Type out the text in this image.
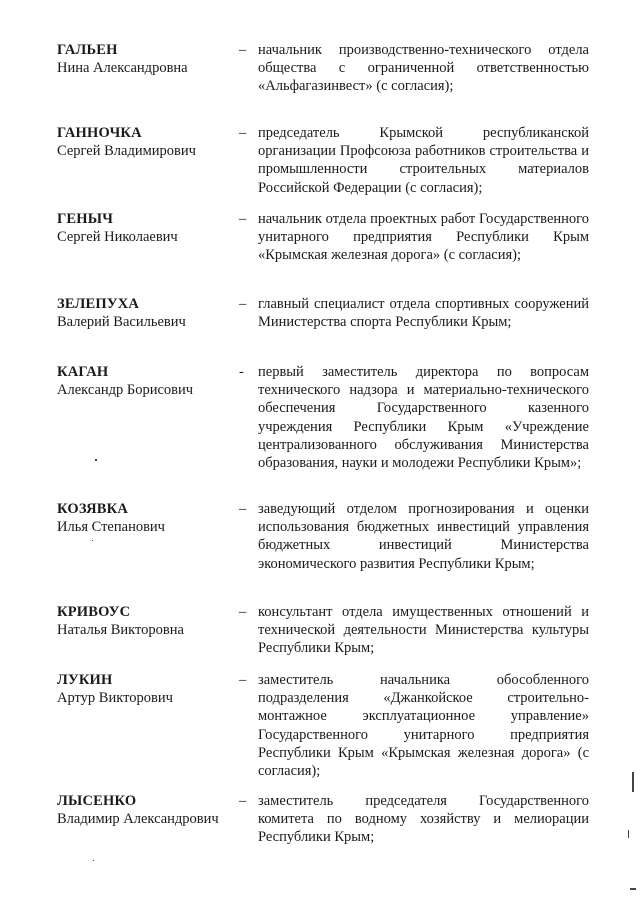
ГАЛЬЕН
Нина Александровна
– начальник производственно-технического отдела общества с ограниченной ответственностью «Альфагазинвест» (с согласия);
ГАННОЧКА
Сергей Владимирович
– председатель Крымской республиканской организации Профсоюза работников строительства и промышленности строительных материалов Российской Федерации (с согласия);
ГЕНЫЧ
Сергей Николаевич
– начальник отдела проектных работ Государственного унитарного предприятия Республики Крым «Крымская железная дорога» (с согласия);
ЗЕЛЕПУХА
Валерий Васильевич
– главный специалист отдела спортивных сооружений Министерства спорта Республики Крым;
КАГАН
Александр Борисович
- первый заместитель директора по вопросам технического надзора и материально-технического обеспечения Государственного казенного учреждения Республики Крым «Учреждение централизованного обслуживания Министерства образования, науки и молодежи Республики Крым»;
КОЗЯВКА
Илья Степанович
– заведующий отделом прогнозирования и оценки использования бюджетных инвестиций управления бюджетных инвестиций Министерства экономического развития Республики Крым;
КРИВОУС
Наталья Викторовна
– консультант отдела имущественных отношений и технической деятельности Министерства культуры Республики Крым;
ЛУКИН
Артур Викторович
– заместитель начальника обособленного подразделения «Джанкойское строительно-монтажное эксплуатационное управление» Государственного унитарного предприятия Республики Крым «Крымская железная дорога» (с согласия);
ЛЫСЕНКО
Владимир Александрович
– заместитель председателя Государственного комитета по водному хозяйству и мелиорации Республики Крым;
